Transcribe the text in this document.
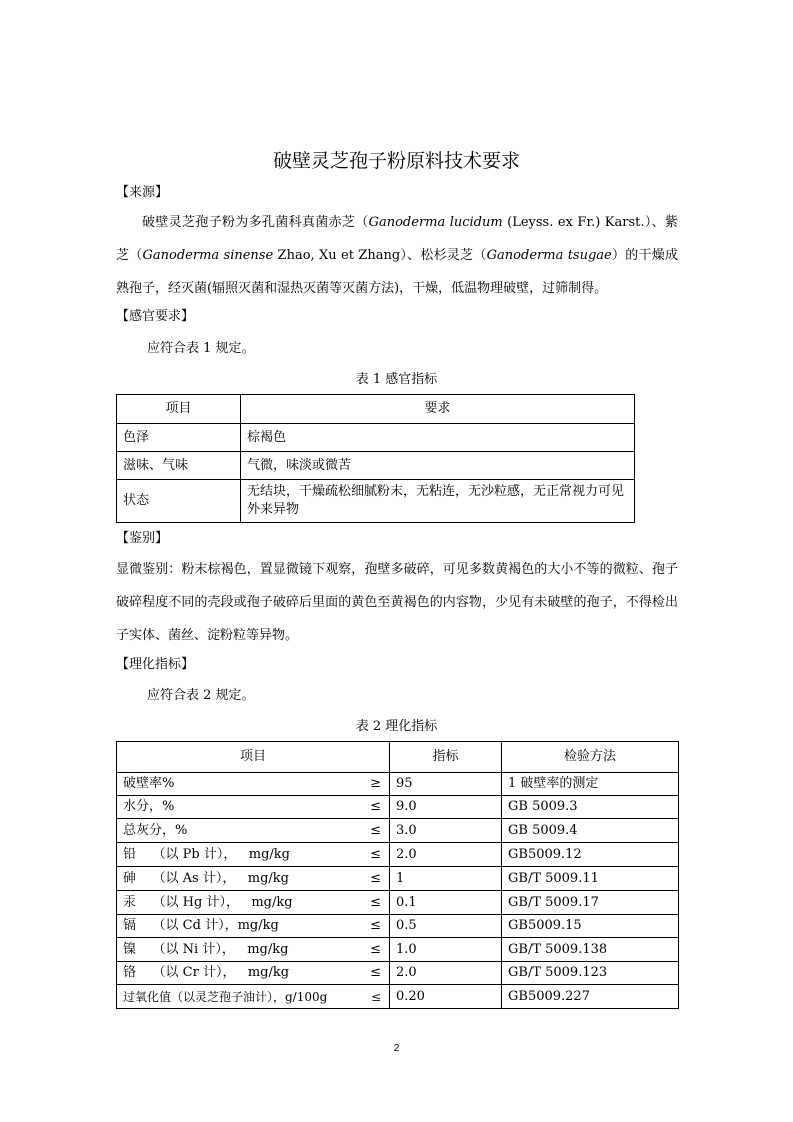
破壁灵芝孢子粉原料技术要求
【来源】
破壁灵芝孢子粉为多孔菌科真菌赤芝（Ganoderma lucidum (Leyss. ex Fr.) Karst.）、紫芝（Ganoderma sinense Zhao, Xu et Zhang）、松杉灵芝（Ganoderma tsugae）的干燥成熟孢子，经灭菌(辐照灭菌和湿热灭菌等灭菌方法)，干燥，低温物理破壁，过筛制得。
【感官要求】
应符合表 1 规定。
表 1 感官指标
项目	要求
色泽	棕褐色
滋味、气味	气微，味淡或微苦
状态	无结块，干燥疏松细腻粉末，无粘连，无沙粒感，无正常视力可见外来异物
【鉴别】
显微鉴别：粉末棕褐色，置显微镜下观察，孢壁多破碎，可见多数黄褐色的大小不等的微粒、孢子破碎程度不同的壳段或孢子破碎后里面的黄色至黄褐色的内容物，少见有未破壁的孢子，不得检出子实体、菌丝、淀粉粒等异物。
【理化指标】
应符合表 2 规定。
表 2 理化指标
项目	指标	检验方法
破壁率% ≥	95	1 破壁率的测定
水分，% ≤	9.0	GB 5009.3
总灰分，% ≤	3.0	GB 5009.4
铅    （以 Pb 计），   mg/kg ≤	2.0	GB5009.12
砷    （以 As 计），   mg/kg ≤	1	GB/T 5009.11
汞    （以 Hg 计），   mg/kg ≤	0.1	GB/T 5009.17
镉    （以 Cd 计），mg/kg ≤	0.5	GB5009.15
镍    （以 Ni 计），   mg/kg ≤	1.0	GB/T 5009.138
铬    （以 Cr 计），   mg/kg ≤	2.0	GB/T 5009.123
过氧化值（以灵芝孢子油计），g/100g ≤	0.20	GB5009.227
2
